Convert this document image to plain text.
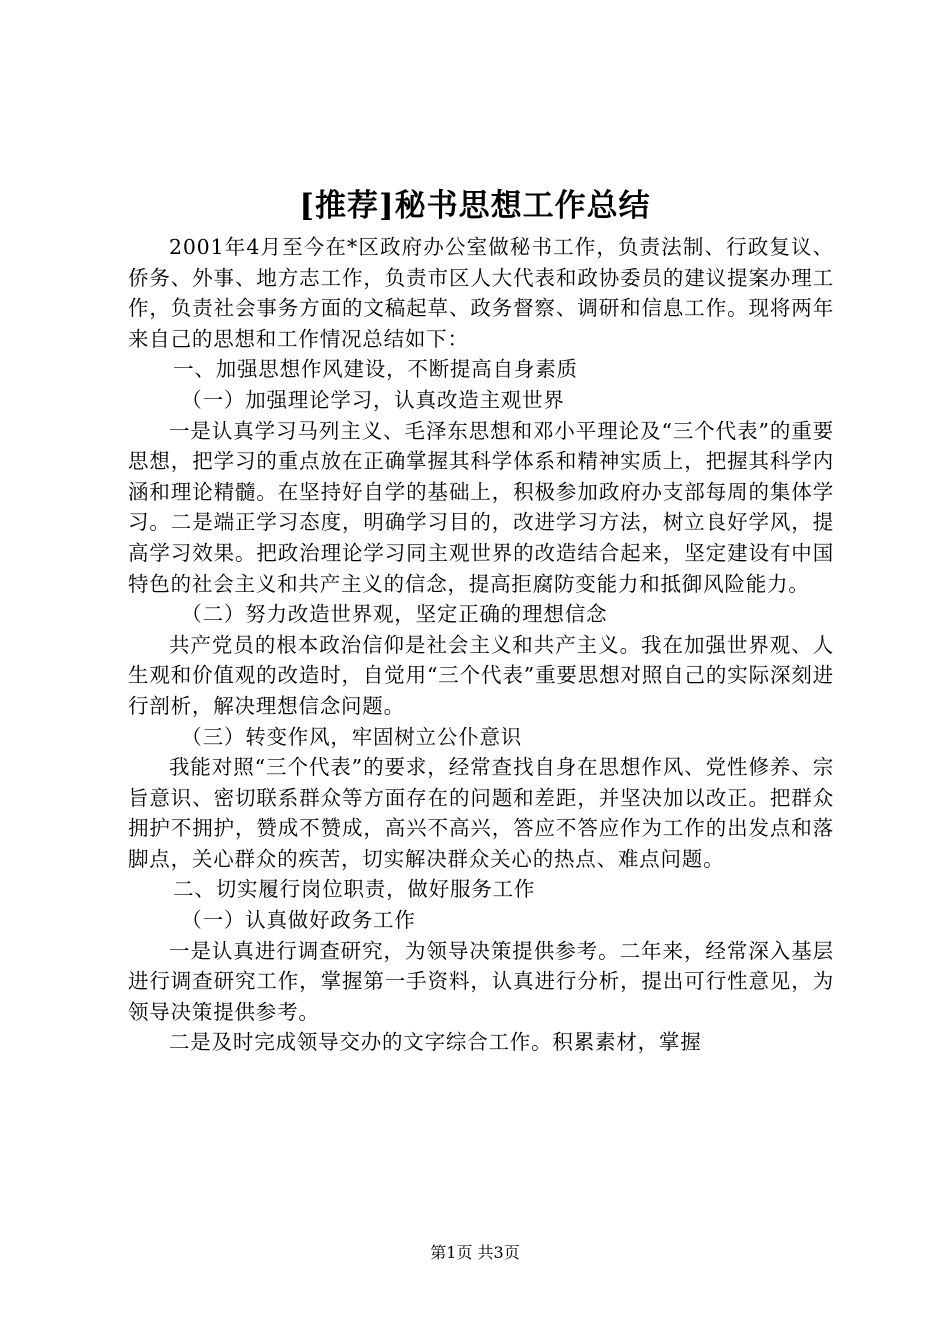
[推荐]秘书思想工作总结

2001年4月至今在*区政府办公室做秘书工作，负责法制、行政复议、侨务、外事、地方志工作，负责市区人大代表和政协委员的建议提案办理工作，负责社会事务方面的文稿起草、政务督察、调研和信息工作。现将两年来自己的思想和工作情况总结如下：

一、加强思想作风建设，不断提高自身素质

（一）加强理论学习，认真改造主观世界

一是认真学习马列主义、毛泽东思想和邓小平理论及“三个代表”的重要思想，把学习的重点放在正确掌握其科学体系和精神实质上，把握其科学内涵和理论精髓。在坚持好自学的基础上，积极参加政府办支部每周的集体学习。二是端正学习态度，明确学习目的，改进学习方法，树立良好学风，提高学习效果。把政治理论学习同主观世界的改造结合起来，坚定建设有中国特色的社会主义和共产主义的信念，提高拒腐防变能力和抵御风险能力。

（二）努力改造世界观，坚定正确的理想信念

共产党员的根本政治信仰是社会主义和共产主义。我在加强世界观、人生观和价值观的改造时，自觉用“三个代表”重要思想对照自己的实际深刻进行剖析，解决理想信念问题。

（三）转变作风，牢固树立公仆意识

我能对照“三个代表”的要求，经常查找自身在思想作风、党性修养、宗旨意识、密切联系群众等方面存在的问题和差距，并坚决加以改正。把群众拥护不拥护，赞成不赞成，高兴不高兴，答应不答应作为工作的出发点和落脚点，关心群众的疾苦，切实解决群众关心的热点、难点问题。

二、切实履行岗位职责，做好服务工作

（一）认真做好政务工作

一是认真进行调查研究，为领导决策提供参考。二年来，经常深入基层进行调查研究工作，掌握第一手资料，认真进行分析，提出可行性意见，为领导决策提供参考。

二是及时完成领导交办的文字综合工作。积累素材，掌握

第1页 共3页
